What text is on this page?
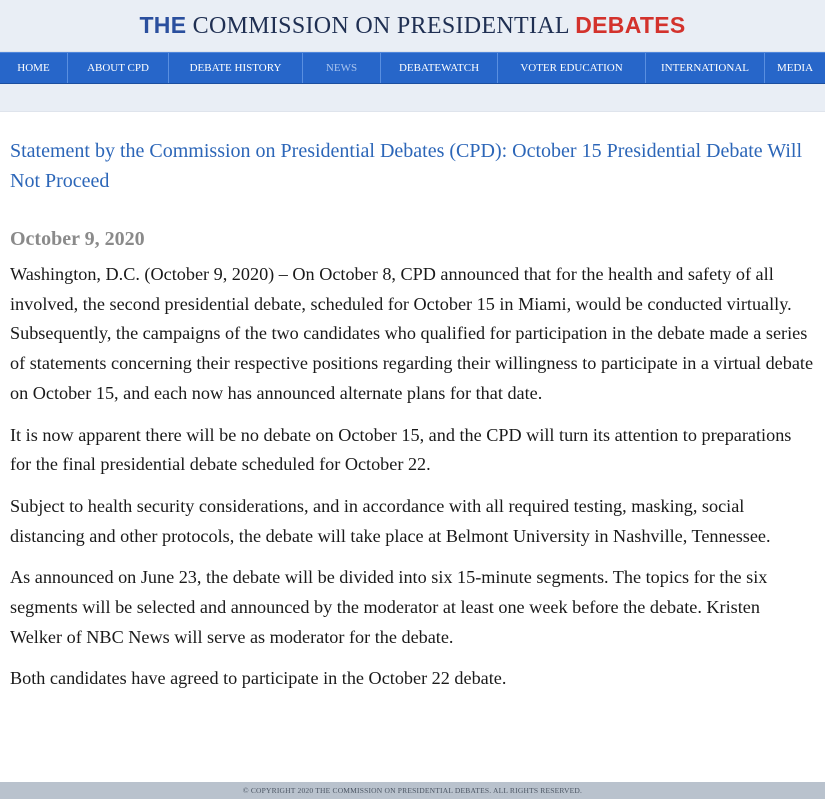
THE COMMISSION ON PRESIDENTIAL DEBATES
HOME	ABOUT CPD	DEBATE HISTORY	NEWS	DEBATEWATCH	VOTER EDUCATION	INTERNATIONAL	MEDIA
Statement by the Commission on Presidential Debates (CPD): October 15 Presidential Debate Will Not Proceed
October 9, 2020

Washington, D.C. (October 9, 2020) – On October 8, CPD announced that for the health and safety of all involved, the second presidential debate, scheduled for October 15 in Miami, would be conducted virtually. Subsequently, the campaigns of the two candidates who qualified for participation in the debate made a series of statements concerning their respective positions regarding their willingness to participate in a virtual debate on October 15, and each now has announced alternate plans for that date.

It is now apparent there will be no debate on October 15, and the CPD will turn its attention to preparations for the final presidential debate scheduled for October 22.

Subject to health security considerations, and in accordance with all required testing, masking, social distancing and other protocols, the debate will take place at Belmont University in Nashville, Tennessee.

As announced on June 23, the debate will be divided into six 15-minute segments. The topics for the six segments will be selected and announced by the moderator at least one week before the debate. Kristen Welker of NBC News will serve as moderator for the debate.

Both candidates have agreed to participate in the October 22 debate.

© COPYRIGHT 2020 THE COMMISSION ON PRESIDENTIAL DEBATES. ALL RIGHTS RESERVED.
